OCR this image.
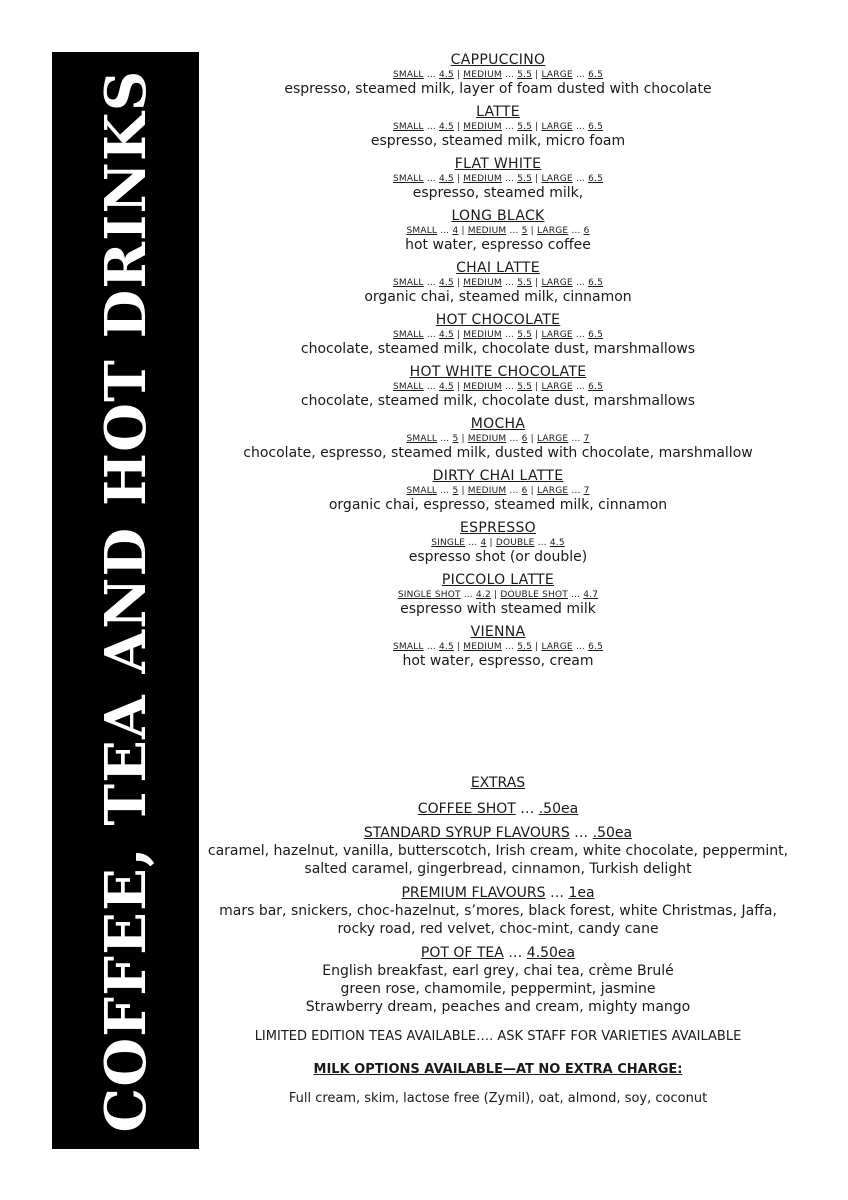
COFFEE, TEA AND HOT DRINKS
CAPPUCCINO
SMALL … 4.5 | MEDIUM … 5.5 | LARGE … 6.5
espresso, steamed milk, layer of foam dusted with chocolate
LATTE
SMALL … 4.5 | MEDIUM … 5.5 | LARGE … 6.5
espresso, steamed milk, micro foam
FLAT WHITE
SMALL … 4.5 | MEDIUM … 5.5 | LARGE … 6.5
espresso, steamed milk,
LONG BLACK
SMALL … 4 | MEDIUM … 5 | LARGE … 6
hot water, espresso coffee
CHAI LATTE
SMALL … 4.5 | MEDIUM … 5.5 | LARGE … 6.5
organic chai, steamed milk, cinnamon
HOT CHOCOLATE
SMALL … 4.5 | MEDIUM … 5.5 | LARGE … 6.5
chocolate, steamed milk, chocolate dust, marshmallows
HOT WHITE CHOCOLATE
SMALL … 4.5 | MEDIUM … 5.5 | LARGE … 6.5
chocolate, steamed milk, chocolate dust, marshmallows
MOCHA
SMALL … 5 | MEDIUM … 6 | LARGE … 7
chocolate, espresso, steamed milk, dusted with chocolate, marshmallow
DIRTY CHAI LATTE
SMALL … 5 | MEDIUM … 6 | LARGE … 7
organic chai, espresso, steamed milk, cinnamon
ESPRESSO
SINGLE … 4 | DOUBLE … 4.5
espresso shot (or double)
PICCOLO LATTE
SINGLE SHOT … 4.2 | DOUBLE SHOT … 4.7
espresso with steamed milk
VIENNA
SMALL … 4.5 | MEDIUM … 5.5 | LARGE … 6.5
hot water, espresso, cream
EXTRAS
COFFEE SHOT … .50ea
STANDARD SYRUP FLAVOURS … .50ea
caramel, hazelnut, vanilla, butterscotch, Irish cream, white chocolate, peppermint,
salted caramel, gingerbread, cinnamon, Turkish delight
PREMIUM FLAVOURS … 1ea
mars bar, snickers, choc-hazelnut, s’mores, black forest, white Christmas, Jaffa,
rocky road, red velvet, choc-mint, candy cane
POT OF TEA … 4.50ea
English breakfast, earl grey, chai tea, crème Brulé
green rose, chamomile, peppermint, jasmine
Strawberry dream, peaches and cream, mighty mango
LIMITED EDITION TEAS AVAILABLE…. ASK STAFF FOR VARIETIES AVAILABLE
MILK OPTIONS AVAILABLE—AT NO EXTRA CHARGE:
Full cream, skim, lactose free (Zymil), oat, almond, soy, coconut
